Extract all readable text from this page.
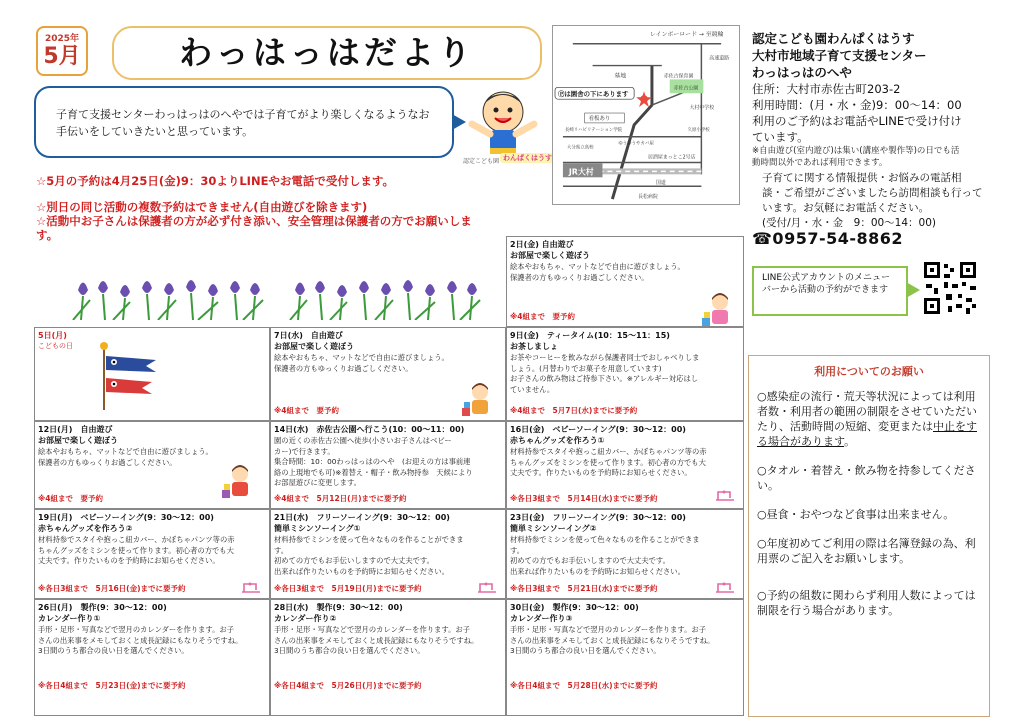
2025年
5月	わっはっはだより
子育て支援センターわっはっはのへやでは子育てがより楽しくなるようなお
手伝いをしていきたいと思っています。
認定こども園 わんぱくはうす
レインボーロード → 至競輪
高速道路
墓地	赤佐古保育園
赤佐古公園
大村中学校
Ⓟは園舎の下にあります
看板あり
長崎リハビリテーション学院	久原小学校
ゆうゆうやカバ屋
大分県立高校
居酒屋まっとこ2号店
JR大村
国道
長松病院
認定こども園わんぱくはうす
大村市地域子育て支援センター
わっはっはのへや
住所：大村市赤佐古町203-2
利用時間：(月・水・金)9：00～14：00
利用のご予約はお電話やLINEで受け付け
ています。
※自由遊び(室内遊び)は集い(講座や製作等)の日でも活
動時間以外であれば利用できます。
子育てに関する情報提供・お悩みの電話相
談・ご希望がございましたら訪問相談も行って
います。お気軽にお電話ください。
(受付/月・水・金　9：00～14：00)
☎0957-54-8862
LINE公式アカウントのメニューバーから活動の予約ができます

☆5月の予約は4月25日(金)9：30よりLINEやお電話で受付します。

☆別日の同じ活動の複数予約はできません(自由遊びを除きます)

☆活動中お子さんは保護者の方が必ず付き添い、安全管理は保護者の方でお願いしま

す。

2日(金) 自由遊び
お部屋で楽しく遊ぼう
絵本やおもちゃ、マットなどで自由に遊びましょう。
保護者の方もゆっくりお過ごしください。
※4組まで　要予約
5日(月)
こどもの日
7日(水)　自由遊び
お部屋で楽しく遊ぼう
絵本やおもちゃ、マットなどで自由に遊びましょう。
保護者の方もゆっくりお過ごしください。
※4組まで　要予約
9日(金)　ティータイム(10：15～11：15)
お茶しましょ
お茶やコーヒーを飲みながら保護者同士でおしゃべりしま
しょう。(月替わりでお菓子を用意しています)
お子さんの飲み物はご持参下さい。※アレルギー対応はし
ていません。
※4組まで　5月7日(水)までに要予約
12日(月)　自由遊び
お部屋で楽しく遊ぼう
絵本やおもちゃ、マットなどで自由に遊びましょう。
保護者の方もゆっくりお過ごしください。
※4組まで　要予約
14日(水)　赤佐古公園へ行こう(10：00～11：00)
園の近くの赤佐古公園へ徒歩(小さいお子さんはベビー
カー)で行きます。
集合時間：10：00わっはっはのへや　(お迎えの方は事前連
絡の上現地でも可)※着替え・帽子・飲み物持参　天候により
お部屋遊びに変更します。
※4組まで　5月12日(月)までに要予約
16日(金)　ベビーソーイング(9：30～12：00)
赤ちゃんグッズを作ろう①
材料持参でスタイや抱っこ紐カバー、かぼちゃパンツ等の赤
ちゃんグッズをミシンを使って作ります。初心者の方でも大
丈夫です。作りたいものを予約時にお知らせください。
※各日3組まで　5月14日(水)までに要予約
19日(月)　ベビーソーイング(9：30～12：00)
赤ちゃんグッズを作ろう②
材料持参でスタイや抱っこ紐カバー、かぼちゃパンツ等の赤
ちゃんグッズをミシンを使って作ります。初心者の方でも大
丈夫です。作りたいものを予約時にお知らせください。
※各日3組まで　5月16日(金)までに要予約
21日(水)　フリーソーイング(9：30～12：00)
簡単ミシンソーイング①
材料持参でミシンを使って色々なものを作ることができま
す。
初めての方でもお手伝いしますので大丈夫です。
出来れば作りたいものを予約時にお知らせください。
※各日3組まで　5月19日(月)までに要予約
23日(金)　フリーソーイング(9：30～12：00)
簡単ミシンソーイング②
材料持参でミシンを使って色々なものを作ることができま
す。
初めての方でもお手伝いしますので大丈夫です。
出来れば作りたいものを予約時にお知らせください。
※各日3組まで　5月21日(水)までに要予約
26日(月)　製作(9：30～12：00)
カレンダー作り①
手形・足形・写真などで翌月のカレンダーを作ります。お子
さんの出来事をメモしておくと成長記録にもなりそうですね。
3日間のうち都合の良い日を選んでください。
※各日4組まで　5月23日(金)までに要予約
28日(水)　製作(9：30～12：00)
カレンダー作り②
手形・足形・写真などで翌月のカレンダーを作ります。お子
さんの出来事をメモしておくと成長記録にもなりそうですね。
3日間のうち都合の良い日を選んでください。
※各日4組まで　5月26日(月)までに要予約
30日(金)　製作(9：30～12：00)
カレンダー作り③
手形・足形・写真などで翌月のカレンダーを作ります。お子
さんの出来事をメモしておくと成長記録にもなりそうですね。
3日間のうち都合の良い日を選んでください。
※各日4組まで　5月28日(水)までに要予約
利用についてのお願い

○感染症の流行・荒天等状況によっては利用者数・利用者の範囲の制限をさせていただいたり、活動時間の短縮、変更または中止をする場合があります。

○タオル・着替え・飲み物を持参してください。

○昼食・おやつなど食事は出来ません。

○年度初めてご利用の際は名簿登録の為、利用票のご記入をお願いします。

○予約の組数に関わらず利用人数によっては制限を行う場合があります。
